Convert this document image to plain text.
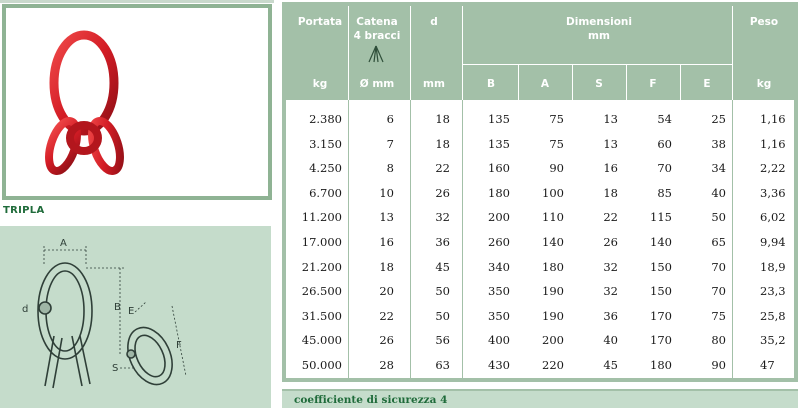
TRIPLA
A
B
d	E
F
S
Portata	Catena
4 bracci
d	Dimensioni
mm
Peso
kg	Ø mm	mm	B	A	S	F	E	kg
2.380	6	18	135	75	13	54	25	1,16
3.150	7	18	135	75	13	60	38	1,16
4.250	8	22	160	90	16	70	34	2,22
6.700	10	26	180	100	18	85	40	3,36
11.200	13	32	200	110	22	115	50	6,02
17.000	16	36	260	140	26	140	65	9,94
21.200	18	45	340	180	32	150	70	18,9
26.500	20	50	350	190	32	150	70	23,3
31.500	22	50	350	190	36	170	75	25,8
45.000	26	56	400	200	40	170	80	35,2
50.000	28	63	430	220	45	180	90	47
coefficiente di sicurezza 4
